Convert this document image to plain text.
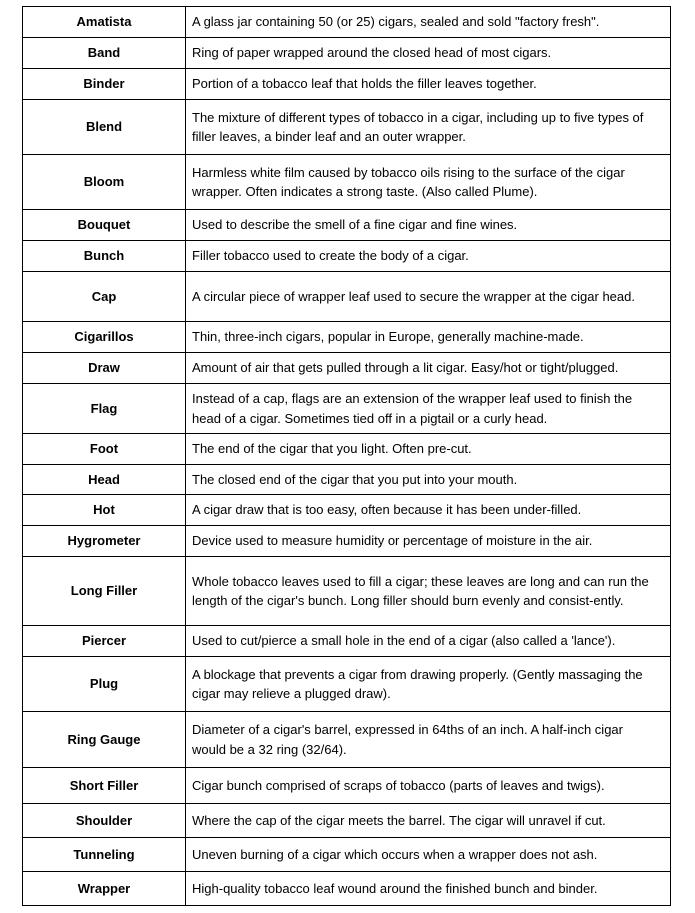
Amatista	A glass jar containing 50 (or 25) cigars, sealed and sold "factory fresh".
Band	Ring of paper wrapped around the closed head of most cigars.
Binder	Portion of a tobacco leaf that holds the filler leaves together.
Blend	The mixture of different types of tobacco in a cigar, including up to five types of filler leaves, a binder leaf and an outer wrapper.
Bloom	Harmless white film caused by tobacco oils rising to the surface of the cigar wrapper. Often indicates a strong taste. (Also called Plume).
Bouquet	Used to describe the smell of a fine cigar and fine wines.
Bunch	Filler tobacco used to create the body of a cigar.
Cap	A circular piece of wrapper leaf used to secure the wrapper at the cigar head.
Cigarillos	Thin, three-inch cigars, popular in Europe, generally machine-made.
Draw	Amount of air that gets pulled through a lit cigar. Easy/hot or tight/plugged.
Flag	Instead of a cap, flags are an extension of the wrapper leaf used to finish the head of a cigar. Sometimes tied off in a pigtail or a curly head.
Foot	The end of the cigar that you light. Often pre-cut.
Head	The closed end of the cigar that you put into your mouth.
Hot	A cigar draw that is too easy, often because it has been under-filled.
Hygrometer	Device used to measure humidity or percentage of moisture in the air.
Long Filler	Whole tobacco leaves used to fill a cigar; these leaves are long and can run the length of the cigar's bunch. Long filler should burn evenly and consist-ently.
Piercer	Used to cut/pierce a small hole in the end of a cigar (also called a 'lance').
Plug	A blockage that prevents a cigar from drawing properly. (Gently massaging the cigar may relieve a plugged draw).
Ring Gauge	Diameter of a cigar's barrel, expressed in 64ths of an inch. A half-inch cigar would be a 32 ring (32/64).
Short Filler	Cigar bunch comprised of scraps of tobacco (parts of leaves and twigs).
Shoulder	Where the cap of the cigar meets the barrel. The cigar will unravel if cut.
Tunneling	Uneven burning of a cigar which occurs when a wrapper does not ash.
Wrapper	High-quality tobacco leaf wound around the finished bunch and binder.
